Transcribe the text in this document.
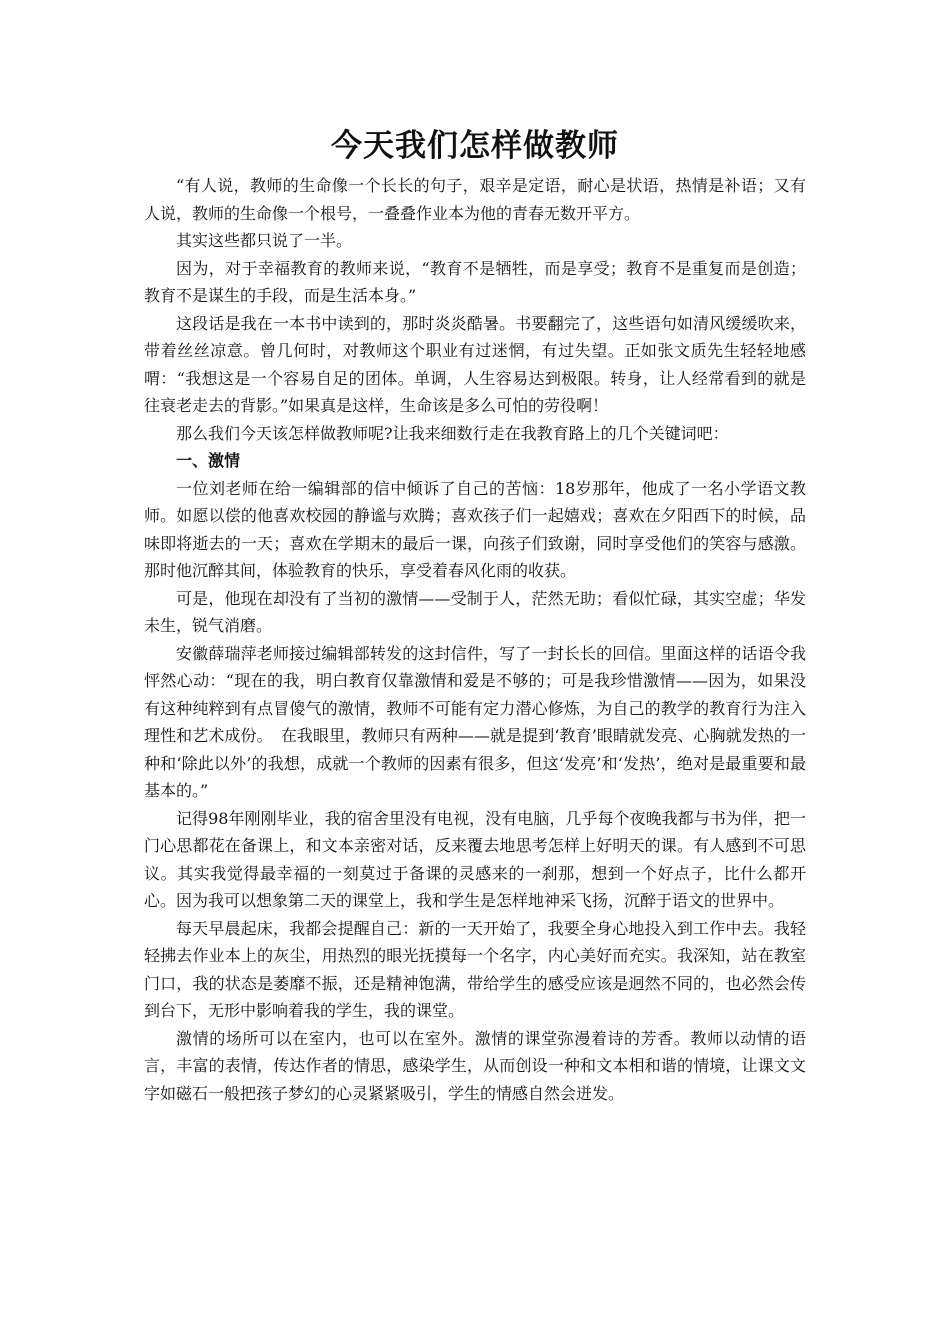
今天我们怎样做教师

“有人说，教师的生命像一个长长的句子，艰辛是定语，耐心是状语，热情是补语；又有人说，教师的生命像一个根号，一叠叠作业本为他的青春无数开平方。

其实这些都只说了一半。

因为，对于幸福教育的教师来说，“教育不是牺牲，而是享受；教育不是重复而是创造；教育不是谋生的手段，而是生活本身。”

这段话是我在一本书中读到的，那时炎炎酷暑。书要翻完了，这些语句如清风缓缓吹来，带着丝丝凉意。曾几何时，对教师这个职业有过迷惘，有过失望。正如张文质先生轻轻地感喟：“我想这是一个容易自足的团体。单调，人生容易达到极限。转身，让人经常看到的就是往衰老走去的背影。”如果真是这样，生命该是多么可怕的劳役啊！

那么我们今天该怎样做教师呢?让我来细数行走在我教育路上的几个关键词吧：

一、激情

一位刘老师在给一编辑部的信中倾诉了自己的苦恼：18岁那年，他成了一名小学语文教师。如愿以偿的他喜欢校园的静谧与欢腾；喜欢孩子们一起嬉戏；喜欢在夕阳西下的时候，品味即将逝去的一天；喜欢在学期末的最后一课，向孩子们致谢，同时享受他们的笑容与感激。那时他沉醉其间，体验教育的快乐，享受着春风化雨的收获。

可是，他现在却没有了当初的激情——受制于人，茫然无助；看似忙碌，其实空虚；华发未生，锐气消磨。

安徽薛瑞萍老师接过编辑部转发的这封信件，写了一封长长的回信。里面这样的话语令我怦然心动：“现在的我，明白教育仅靠激情和爱是不够的；可是我珍惜激情——因为，如果没有这种纯粹到有点冒傻气的激情，教师不可能有定力潜心修炼，为自己的教学的教育行为注入理性和艺术成份。　在我眼里，教师只有两种——就是提到‘教育’眼睛就发亮、心胸就发热的一种和‘除此以外’的我想，成就一个教师的因素有很多，但这‘发亮’和‘发热’，绝对是最重要和最基本的。”

记得98年刚刚毕业，我的宿舍里没有电视，没有电脑，几乎每个夜晚我都与书为伴，把一门心思都花在备课上，和文本亲密对话，反来覆去地思考怎样上好明天的课。有人感到不可思议。其实我觉得最幸福的一刻莫过于备课的灵感来的一刹那，想到一个好点子，比什么都开心。因为我可以想象第二天的课堂上，我和学生是怎样地神采飞扬，沉醉于语文的世界中。

每天早晨起床，我都会提醒自己：新的一天开始了，我要全身心地投入到工作中去。我轻轻拂去作业本上的灰尘，用热烈的眼光抚摸每一个名字，内心美好而充实。我深知，站在教室门口，我的状态是萎靡不振，还是精神饱满，带给学生的感受应该是迥然不同的，也必然会传到台下，无形中影响着我的学生，我的课堂。

激情的场所可以在室内，也可以在室外。激情的课堂弥漫着诗的芳香。教师以动情的语言，丰富的表情，传达作者的情思，感染学生，从而创设一种和文本相和谐的情境，让课文文字如磁石一般把孩子梦幻的心灵紧紧吸引，学生的情感自然会迸发。
